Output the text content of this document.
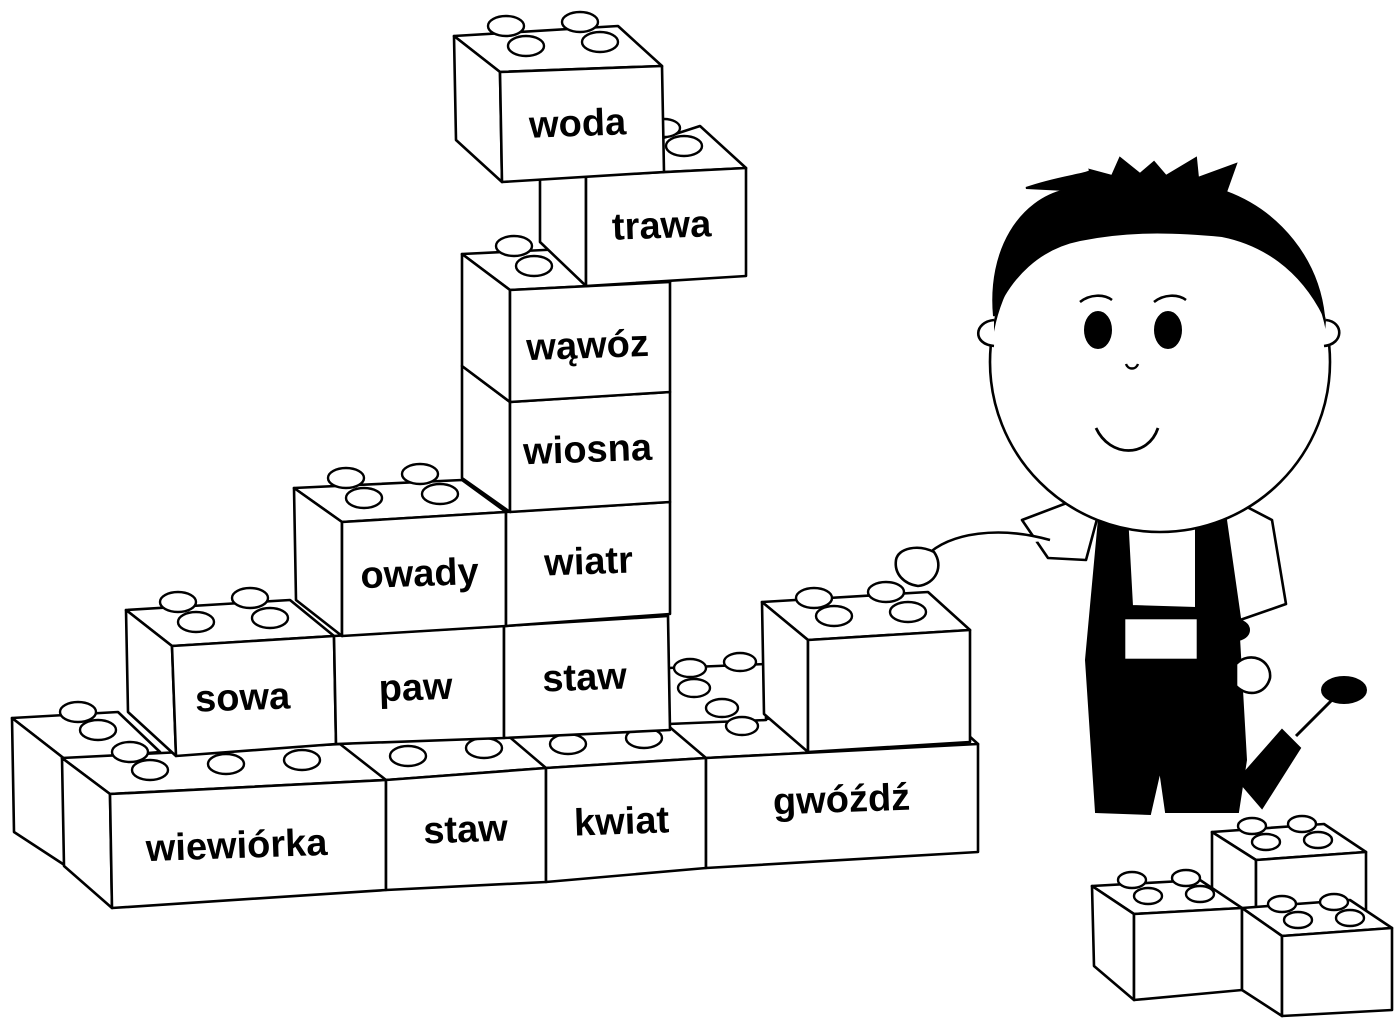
wiewiórka staw kwiat	gwóźdź
sowa paw staw
owady wiatr
wiosna
wąwóz
trawa
woda
